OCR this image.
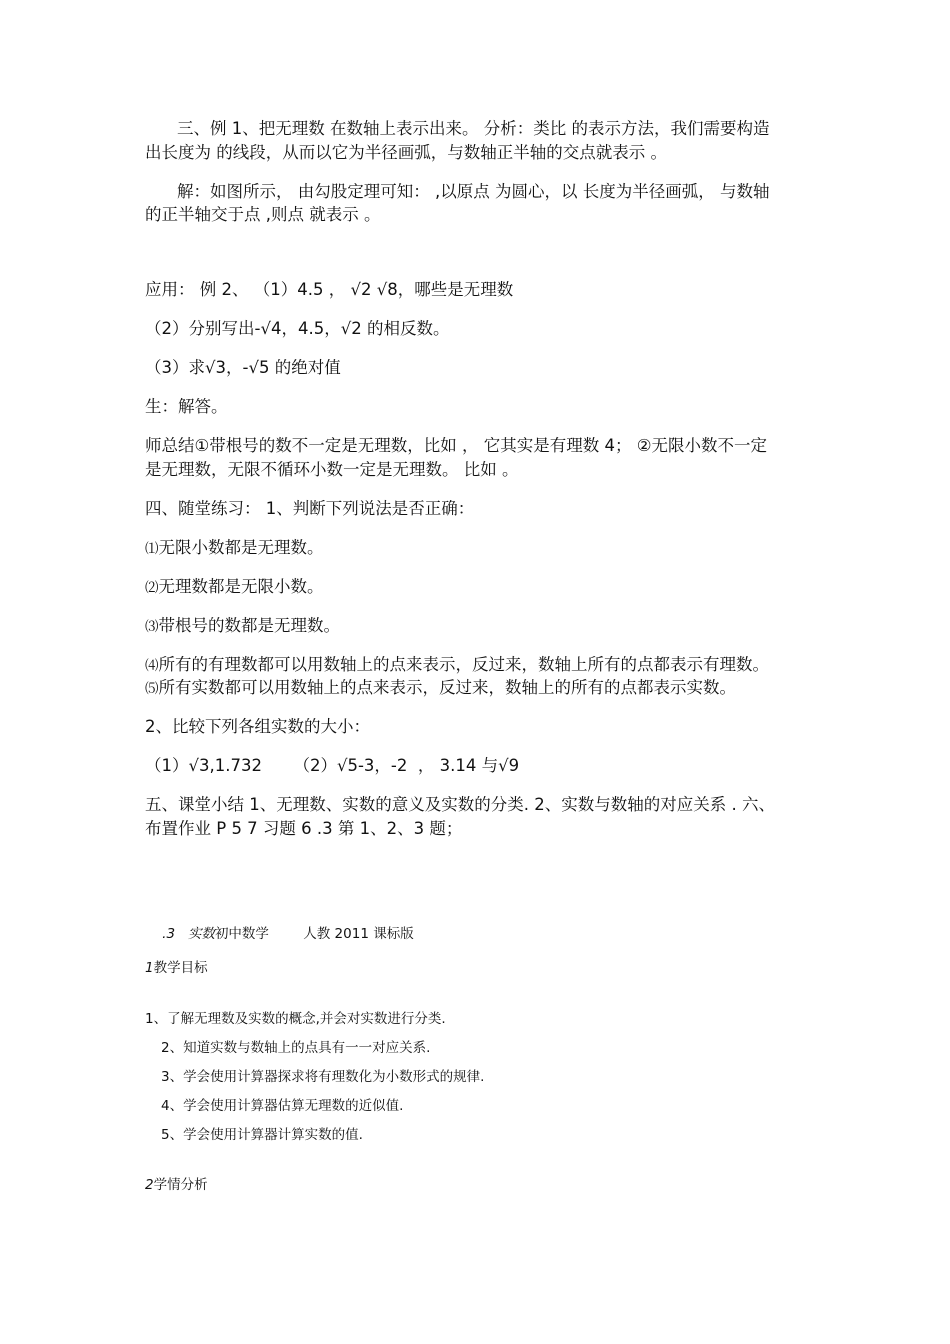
三、例 1、把无理数 在数轴上表示出来。 分析：类比 的表示方法，我们需要构造
出长度为 的线段，从而以它为半径画弧，与数轴正半轴的交点就表示 。
解：如图所示， 由勾股定理可知： ,以原点 为圆心，以 长度为半径画弧， 与数轴
的正半轴交于点 ,则点 就表示 。
应用： 例 2、 （1）4.5 ， √2 √8，哪些是无理数
（2）分别写出-√4，4.5，√2 的相反数。
（3）求√3，-√5 的绝对值
生：解答。
师总结①带根号的数不一定是无理数，比如 ， 它其实是有理数 4； ②无限小数不一定
是无理数，无限不循环小数一定是无理数。 比如 。
四、随堂练习： 1、判断下列说法是否正确：
⑴无限小数都是无理数。
⑵无理数都是无限小数。
⑶带根号的数都是无理数。
⑷所有的有理数都可以用数轴上的点来表示，反过来，数轴上所有的点都表示有理数。
⑸所有实数都可以用数轴上的点来表示，反过来，数轴上的所有的点都表示实数。
2、比较下列各组实数的大小：
（1）√3,1.732      （2）√5-3，-2  ， 3.14 与√9
五、课堂小结 1、无理数、实数的意义及实数的分类. 2、实数与数轴的对应关系 . 六、
布置作业 P 5 7 习题 6 .3 第 1、2、3 题；

.3 实数初中数学        人教 2011 课标版

1教学目标
1、了解无理数及实数的概念,并会对实数进行分类.
2、知道实数与数轴上的点具有一一对应关系.
3、学会使用计算器探求将有理数化为小数形式的规律.
4、学会使用计算器估算无理数的近似值.
5、学会使用计算器计算实数的值.
2学情分析
